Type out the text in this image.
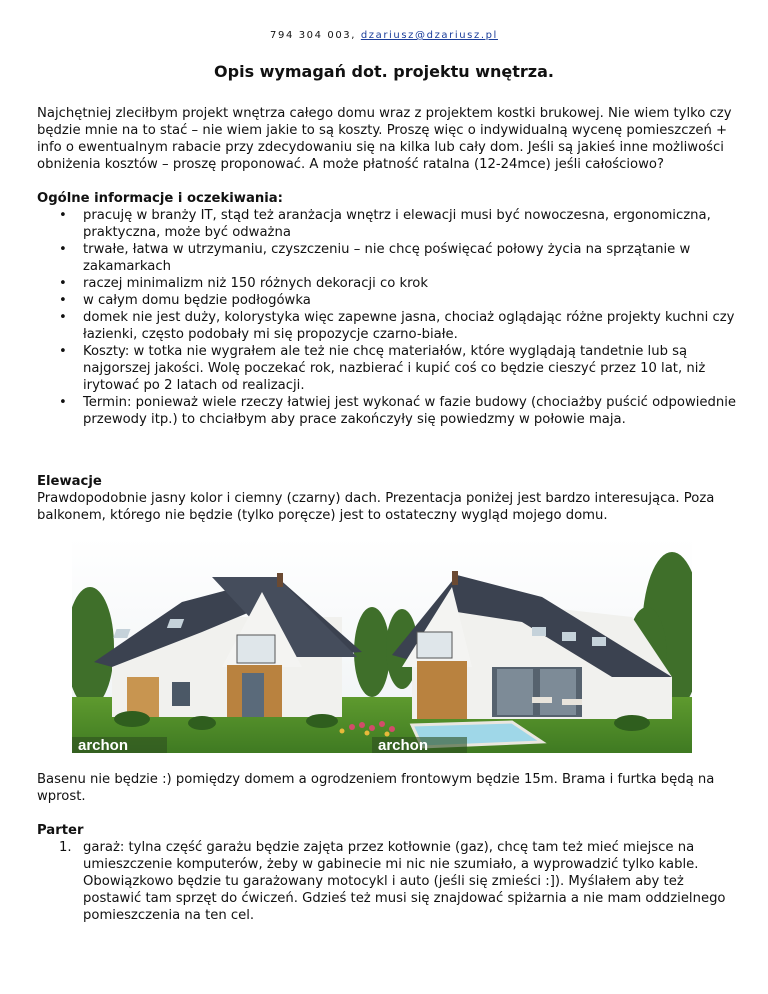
794 304 003, dzariusz@dzariusz.pl
Opis wymagań dot. projektu wnętrza.
Najchętniej zleciłbym projekt wnętrza całego domu wraz z projektem kostki brukowej. Nie wiem tylko czy będzie mnie na to stać – nie wiem jakie to są koszty. Proszę więc o indywidualną wycenę pomieszczeń + info o ewentualnym rabacie przy zdecydowaniu się na kilka lub cały dom. Jeśli są jakieś inne możliwości obniżenia kosztów – proszę proponować. A może płatność ratalna (12-24mce) jeśli całościowo?
Ogólne informacje i oczekiwania:
• pracuję w branży IT, stąd też aranżacja wnętrz i elewacji musi być nowoczesna, ergonomiczna, praktyczna, może być odważna
• trwałe, łatwa w utrzymaniu, czyszczeniu – nie chcę poświęcać połowy życia na sprzątanie w zakamarkach
• raczej minimalizm niż 150 różnych dekoracji co krok
• w całym domu będzie podłogówka
• domek nie jest duży, kolorystyka więc zapewne jasna, chociaż oglądając różne projekty kuchni czy łazienki, często podobały mi się propozycje czarno-białe.
• Koszty: w totka nie wygrałem ale też nie chcę materiałów, które wyglądają tandetnie lub są najgorszej jakości. Wolę poczekać rok, nazbierać i kupić coś co będzie cieszyć przez 10 lat, niż irytować po 2 latach od realizacji.
• Termin: ponieważ wiele rzeczy łatwiej jest wykonać w fazie budowy (chociażby puścić odpowiednie przewody itp.) to chciałbym aby prace zakończyły się powiedzmy w połowie maja.
Elewacje
Prawdopodobnie jasny kolor i ciemny (czarny) dach. Prezentacja poniżej jest bardzo interesująca. Poza balkonem, którego nie będzie (tylko poręcze) jest to ostateczny wygląd mojego domu.
archon	archon
Basenu nie będzie :) pomiędzy domem a ogrodzeniem frontowym będzie 15m. Brama i furtka będą na wprost.
Parter
1. garaż: tylna część garażu będzie zajęta przez kotłownie (gaz), chcę tam też mieć miejsce na umieszczenie komputerów, żeby w gabinecie mi nic nie szumiało, a wyprowadzić tylko kable. Obowiązkowo będzie tu garażowany motocykl i auto (jeśli się zmieści :]). Myślałem aby też postawić tam sprzęt do ćwiczeń. Gdzieś też musi się znajdować spiżarnia a nie mam oddzielnego pomieszczenia na ten cel.
